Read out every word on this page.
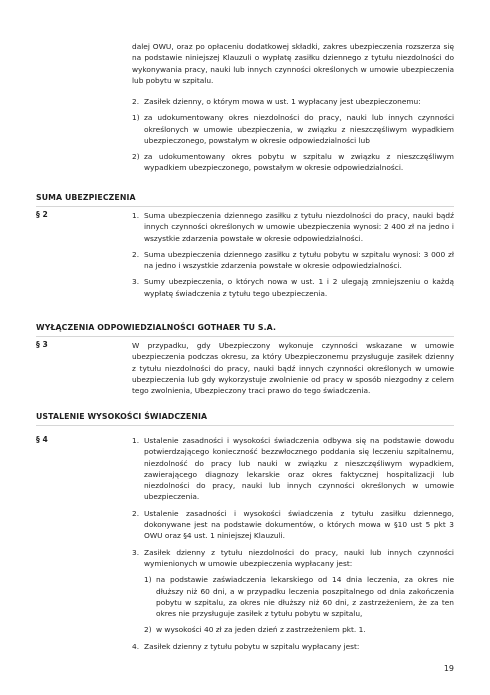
dalej OWU, oraz po opłaceniu dodatkowej składki, zakres ubezpieczenia rozszerza się na podstawie niniejszej Klauzuli o wypłatę zasiłku dziennego z tytułu niezdolności do wykonywania pracy, nauki lub innych czynności określonych w umowie ubezpieczenia lub pobytu w szpitalu.

2. Zasiłek dzienny, o którym mowa w ust. 1 wypłacany jest ubezpieczonemu:

1) za udokumentowany okres niezdolności do pracy, nauki lub innych czynności określonych w umowie ubezpieczenia, w związku z nieszczęśliwym wypadkiem ubezpieczonego, powstałym w okresie odpowiedzialności lub

2) za udokumentowany okres pobytu w szpitalu w związku z nieszczęśliwym wypadkiem ubezpieczonego, powstałym w okresie odpowiedzialności.

SUMA UBEZPIECZENIA
§ 2	1. Suma ubezpieczenia dziennego zasiłku z tytułu niezdolności do pracy, nauki bądź innych czynności określonych w umowie ubezpieczenia wynosi: 2 400 zł na jedno i wszystkie zdarzenia powstałe w okresie odpowiedzialności.

2. Suma ubezpieczenia dziennego zasiłku z tytułu pobytu w szpitalu wynosi: 3 000 zł na jedno i wszystkie zdarzenia powstałe w okresie odpowiedzialności.

3. Sumy ubezpieczenia, o których nowa w ust. 1 i 2 ulegają zmniejszeniu o każdą wypłatę świadczenia z tytułu tego ubezpieczenia.

WYŁĄCZENIA ODPOWIEDZIALNOŚCI GOTHAER TU S.A.
§ 3	W przypadku, gdy Ubezpieczony wykonuje czynności wskazane w umowie ubezpieczenia podczas okresu, za który Ubezpieczonemu przysługuje zasiłek dzienny z tytułu niezdolności do pracy, nauki bądź innych czynności określonych w umowie ubezpieczenia lub gdy wykorzystuje zwolnienie od pracy w sposób niezgodny z celem tego zwolnienia, Ubezpieczony traci prawo do tego świadczenia.

USTALENIE WYSOKOŚCI ŚWIADCZENIA
§ 4	1. Ustalenie zasadności i wysokości świadczenia odbywa się na podstawie dowodu potwierdzającego konieczność bezzwłocznego poddania się leczeniu szpitalnemu, niezdolność do pracy lub nauki w związku z nieszczęśliwym wypadkiem, zawierającego diagnozy lekarskie oraz okres faktycznej hospitalizacji lub niezdolności do pracy, nauki lub innych czynności określonych w umowie ubezpieczenia.

2. Ustalenie zasadności i wysokości świadczenia z tytułu zasiłku dziennego, dokonywane jest na podstawie dokumentów, o których mowa w §10 ust 5 pkt 3 OWU oraz §4 ust. 1 niniejszej Klauzuli.

3. Zasiłek dzienny z tytułu niezdolności do pracy, nauki lub innych czynności wymienionych w umowie ubezpieczenia wypłacany jest:

1) na podstawie zaświadczenia lekarskiego od 14 dnia leczenia, za okres nie dłuższy niż 60 dni, a w przypadku leczenia poszpitalnego od dnia zakończenia pobytu w szpitalu, za okres nie dłuższy niż 60 dni, z zastrzeżeniem, że za ten okres nie przysługuje zasiłek z tytułu pobytu w szpitalu,

2) w wysokości 40 zł za jeden dzień z zastrzeżeniem pkt. 1.

4. Zasiłek dzienny z tytułu pobytu w szpitalu wypłacany jest:

19
